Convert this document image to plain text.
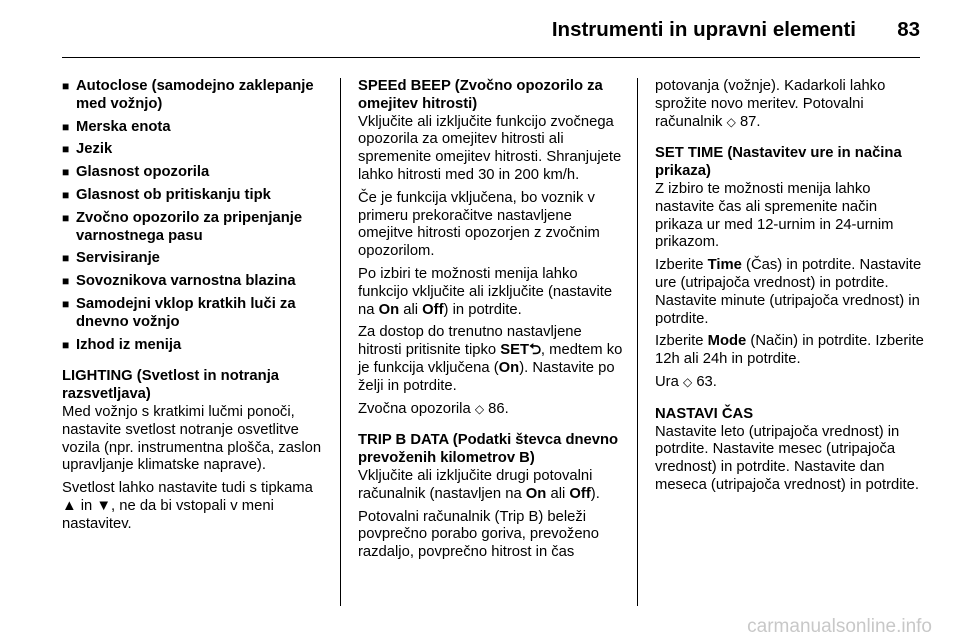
Instrumenti in upravni elementi 83
■ Autoclose (samodejno zaklepanje med vožnjo)
■ Merska enota
■ Jezik
■ Glasnost opozorila
■ Glasnost ob pritiskanju tipk
■ Zvočno opozorilo za pripenjanje varnostnega pasu
■ Servisiranje
■ Sovoznikova varnostna blazina
■ Samodejni vklop kratkih luči za dnevno vožnjo
■ Izhod iz menija

LIGHTING (Svetlost in notranja razsvetljava)

Med vožnjo s kratkimi lučmi ponoči, nastavite svetlost notranje osvetlitve vozila (npr. instrumentna plošča, zaslon upravljanje klimatske naprave).

Svetlost lahko nastavite tudi s tipkama ▲ in ▼, ne da bi vstopali v meni nastavitev.

SPEEd BEEP (Zvočno opozorilo za omejitev hitrosti)

Vključite ali izključite funkcijo zvočnega opozorila za omejitev hitrosti ali spremenite omejitev hitrosti. Shranjujete lahko hitrosti med 30 in 200 km/h.

Če je funkcija vključena, bo voznik v primeru prekoračitve nastavljene omejitve hitrosti opozorjen z zvočnim opozorilom.

Po izbiri te možnosti menija lahko funkcijo vključite ali izključite (nastavite na On ali Off) in potrdite.

Za dostop do trenutno nastavljene hitrosti pritisnite tipko SET⮌, medtem ko je funkcija vključena (On). Nastavite po želji in potrdite.

Zvočna opozorila ◇ 86.

TRIP B DATA (Podatki števca dnevno prevoženih kilometrov B)

Vključite ali izključite drugi potovalni računalnik (nastavljen na On ali Off).

Potovalni računalnik (Trip B) beleži povprečno porabo goriva, prevoženo razdaljo, povprečno hitrost in čas

potovanja (vožnje). Kadarkoli lahko sprožite novo meritev. Potovalni računalnik ◇ 87.

SET TIME (Nastavitev ure in načina prikaza)

Z izbiro te možnosti menija lahko nastavite čas ali spremenite način prikaza ur med 12-urnim in 24-urnim prikazom.

Izberite Time (Čas) in potrdite. Nastavite ure (utripajoča vrednost) in potrdite. Nastavite minute (utripajoča vrednost) in potrdite.

Izberite Mode (Način) in potrdite. Izberite 12h ali 24h in potrdite.

Ura ◇ 63.

NASTAVI ČAS

Nastavite leto (utripajoča vrednost) in potrdite. Nastavite mesec (utripajoča vrednost) in potrdite. Nastavite dan meseca (utripajoča vrednost) in potrdite.

carmanualsonline.info
